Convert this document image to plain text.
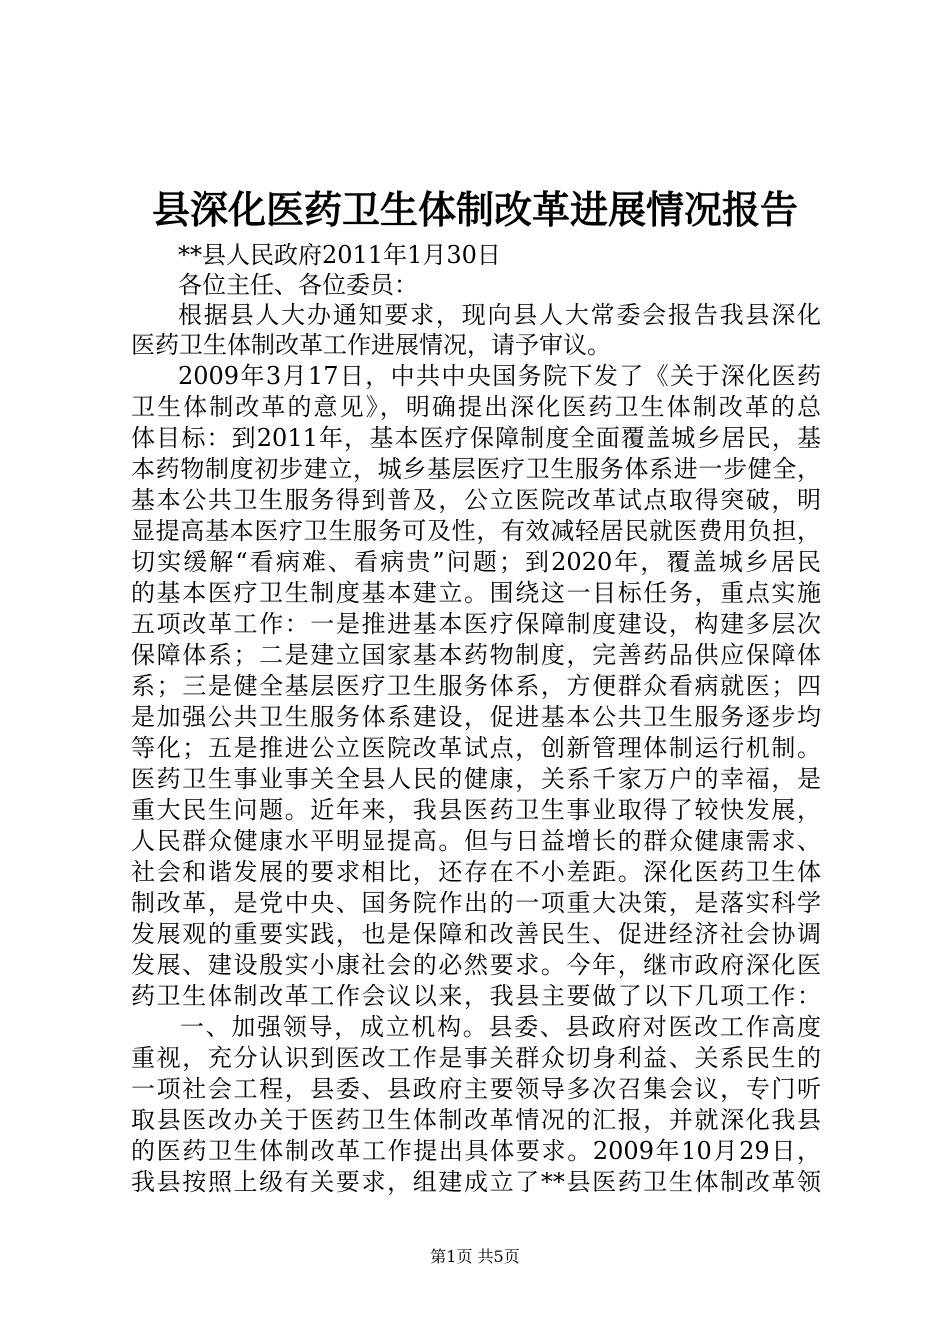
县深化医药卫生体制改革进展情况报告
**县人民政府2011年1月30日
各位主任、各位委员：
根据县人大办通知要求，现向县人大常委会报告我县深化
医药卫生体制改革工作进展情况，请予审议。
2009年3月17日，中共中央国务院下发了《关于深化医药
卫生体制改革的意见》，明确提出深化医药卫生体制改革的总
体目标：到2011年，基本医疗保障制度全面覆盖城乡居民，基
本药物制度初步建立，城乡基层医疗卫生服务体系进一步健全，
基本公共卫生服务得到普及，公立医院改革试点取得突破，明
显提高基本医疗卫生服务可及性，有效减轻居民就医费用负担，
切实缓解“看病难、看病贵”问题；到2020年，覆盖城乡居民
的基本医疗卫生制度基本建立。围绕这一目标任务，重点实施
五项改革工作：一是推进基本医疗保障制度建设，构建多层次
保障体系；二是建立国家基本药物制度，完善药品供应保障体
系；三是健全基层医疗卫生服务体系，方便群众看病就医；四
是加强公共卫生服务体系建设，促进基本公共卫生服务逐步均
等化；五是推进公立医院改革试点，创新管理体制运行机制。
医药卫生事业事关全县人民的健康，关系千家万户的幸福，是
重大民生问题。近年来，我县医药卫生事业取得了较快发展，
人民群众健康水平明显提高。但与日益增长的群众健康需求、
社会和谐发展的要求相比，还存在不小差距。深化医药卫生体
制改革，是党中央、国务院作出的一项重大决策，是落实科学
发展观的重要实践，也是保障和改善民生、促进经济社会协调
发展、建设殷实小康社会的必然要求。今年，继市政府深化医
药卫生体制改革工作会议以来，我县主要做了以下几项工作：
一、加强领导，成立机构。县委、县政府对医改工作高度
重视，充分认识到医改工作是事关群众切身利益、关系民生的
一项社会工程，县委、县政府主要领导多次召集会议，专门听
取县医改办关于医药卫生体制改革情况的汇报，并就深化我县
的医药卫生体制改革工作提出具体要求。2009年10月29日，
我县按照上级有关要求，组建成立了**县医药卫生体制改革领
第1页 共5页
